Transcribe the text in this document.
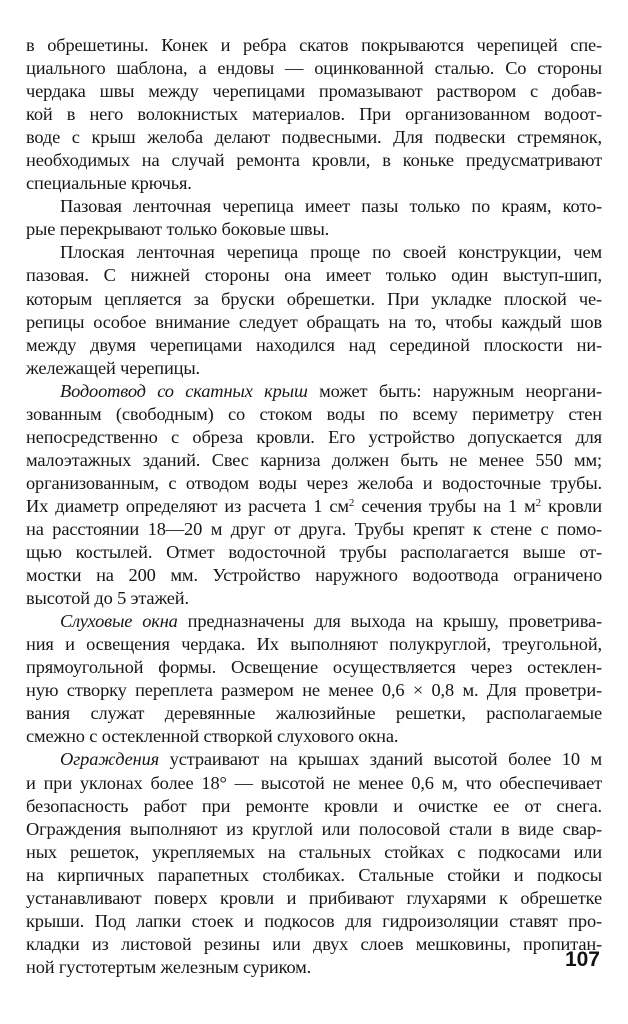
в обрешетины. Конек и ребра скатов покрываются черепицей спе-
циального шаблона, а ендовы — оцинкованной сталью. Со стороны
чердака швы между черепицами промазывают раствором с добав-
кой в него волокнистых материалов. При организованном водоот-
воде с крыш желоба делают подвесными. Для подвески стремянок,
необходимых на случай ремонта кровли, в коньке предусматривают
специальные крючья.
Пазовая ленточная черепица имеет пазы только по краям, кото-
рые перекрывают только боковые швы.
Плоская ленточная черепица проще по своей конструкции, чем
пазовая. С нижней стороны она имеет только один выступ-шип,
которым цепляется за бруски обрешетки. При укладке плоской че-
репицы особое внимание следует обращать на то, чтобы каждый шов
между двумя черепицами находился над серединой плоскости ни-
жележащей черепицы.
Водоотвод со скатных крыш может быть: наружным неоргани-
зованным (свободным) со стоком воды по всему периметру стен
непосредственно с обреза кровли. Его устройство допускается для
малоэтажных зданий. Свес карниза должен быть не менее 550 мм;
организованным, с отводом воды через желоба и водосточные трубы.
Их диаметр определяют из расчета 1 $см^2$ сечения трубы на 1 $м^2$ кровли
на расстоянии 18—20 м друг от друга. Трубы крепят к стене с помо-
щью костылей. Отмет водосточной трубы располагается выше от-
мостки на 200 мм. Устройство наружного водоотвода ограничено
высотой до 5 этажей.
Слуховые окна предназначены для выхода на крышу, проветрива-
ния и освещения чердака. Их выполняют полукруглой, треугольной,
прямоугольной формы. Освещение осуществляется через остеклен-
ную створку переплета размером не менее 0,6 × 0,8 м. Для проветри-
вания служат деревянные жалюзийные решетки, располагаемые
смежно с остекленной створкой слухового окна.
Ограждения устраивают на крышах зданий высотой более 10 м
и при уклонах более 18° — высотой не менее 0,6 м, что обеспечивает
безопасность работ при ремонте кровли и очистке ее от снега.
Ограждения выполняют из круглой или полосовой стали в виде свар-
ных решеток, укрепляемых на стальных стойках с подкосами или
на кирпичных парапетных столбиках. Стальные стойки и подкосы
устанавливают поверх кровли и прибивают глухарями к обрешетке
крыши. Под лапки стоек и подкосов для гидроизоляции ставят про-
кладки из листовой резины или двух слоев мешковины, пропитан-
ной густотертым железным суриком.	107
